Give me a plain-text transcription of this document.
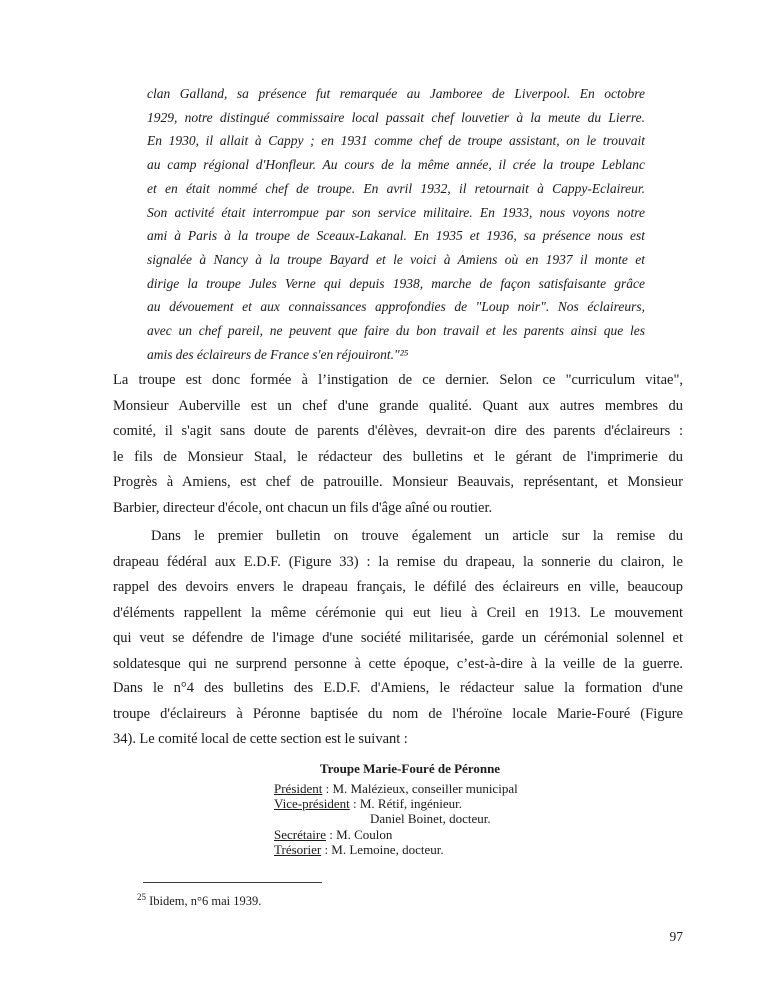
clan Galland, sa présence fut remarquée au Jamboree de Liverpool. En octobre
1929, notre distingué commissaire local passait chef louvetier à la meute du Lierre.
En 1930, il allait à Cappy ; en 1931 comme chef de troupe assistant, on le trouvait
au camp régional d'Honfleur. Au cours de la même année, il crée la troupe Leblanc
et en était nommé chef de troupe. En avril 1932, il retournait à Cappy-Eclaireur.
Son activité était interrompue par son service militaire. En 1933, nous voyons notre
ami à Paris à la troupe de Sceaux-Lakanal. En 1935 et 1936, sa présence nous est
signalée à Nancy à la troupe Bayard et le voici à Amiens où en 1937 il monte et
dirige la troupe Jules Verne qui depuis 1938, marche de façon satisfaisante grâce
au dévouement et aux connaissances approfondies de "Loup noir". Nos éclaireurs,
avec un chef pareil, ne peuvent que faire du bon travail et les parents ainsi que les
amis des éclaireurs de France s'en réjouiront."²⁵
La troupe est donc formée à l’instigation de ce dernier. Selon ce "curriculum vitae",
Monsieur Auberville est un chef d'une grande qualité. Quant aux autres membres du
comité, il s'agit sans doute de parents d'élèves, devrait-on dire des parents d'éclaireurs :
le fils de Monsieur Staal, le rédacteur des bulletins et le gérant de l'imprimerie du
Progrès à Amiens, est chef de patrouille. Monsieur Beauvais, représentant, et Monsieur
Barbier, directeur d'école, ont chacun un fils d'âge aîné ou routier.
Dans le premier bulletin on trouve également un article sur la remise du
drapeau fédéral aux E.D.F. (Figure 33) : la remise du drapeau, la sonnerie du clairon, le
rappel des devoirs envers le drapeau français, le défilé des éclaireurs en ville, beaucoup
d'éléments rappellent la même cérémonie qui eut lieu à Creil en 1913. Le mouvement
qui veut se défendre de l'image d'une société militarisée, garde un cérémonial solennel et
soldatesque qui ne surprend personne à cette époque, c’est-à-dire à la veille de la guerre.
Dans le n°4 des bulletins des E.D.F. d'Amiens, le rédacteur salue la formation d'une
troupe d'éclaireurs à Péronne baptisée du nom de l'héroïne locale Marie-Fouré (Figure
34). Le comité local de cette section est le suivant :
Troupe Marie-Fouré de Péronne
Président : M. Malézieux, conseiller municipal
Vice-président : M. Rétif, ingénieur.
Daniel Boinet, docteur.
Secrétaire : M. Coulon
Trésorier : M. Lemoine, docteur.
$^{25}$ Ibidem, n°6 mai 1939.
97
